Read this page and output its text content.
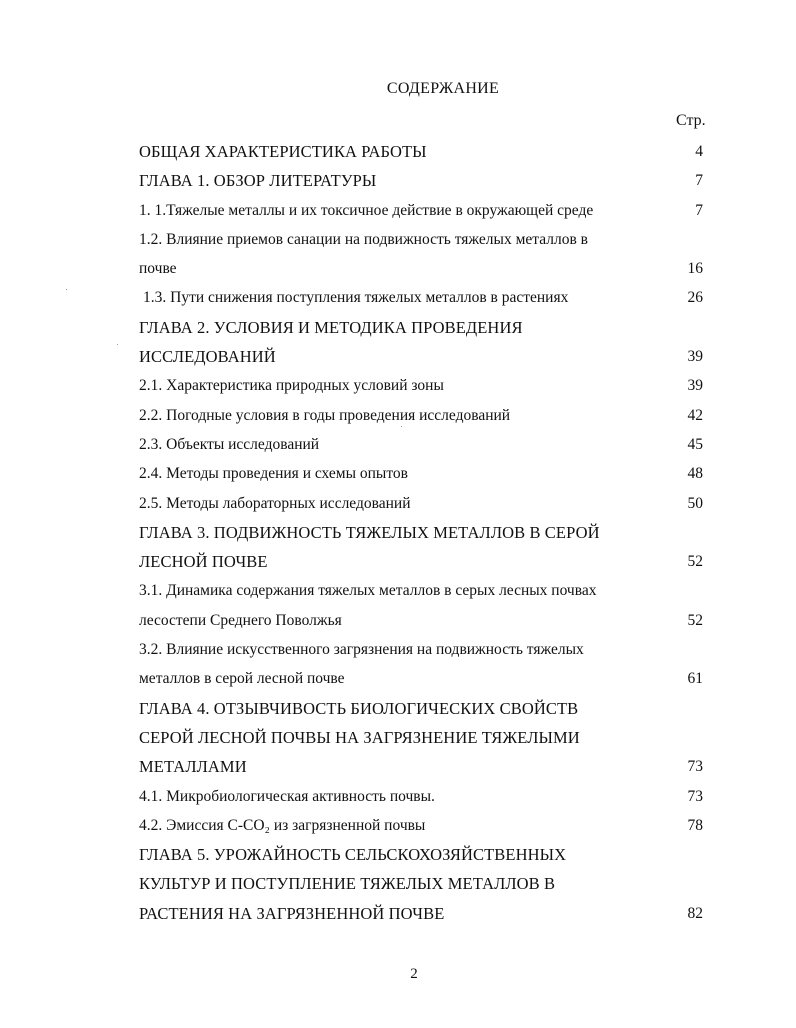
СОДЕРЖАНИЕ
Стр.
ОБЩАЯ ХАРАКТЕРИСТИКА РАБОТЫ	4
ГЛАВА 1. ОБЗОР ЛИТЕРАТУРЫ	7
1. 1.Тяжелые металлы и их токсичное действие в окружающей среде	7
1.2. Влияние приемов санации на подвижность тяжелых металлов в
почве	16
1.3. Пути снижения поступления тяжелых металлов в растениях	26
ГЛАВА 2. УСЛОВИЯ И МЕТОДИКА ПРОВЕДЕНИЯ
ИССЛЕДОВАНИЙ	39
2.1. Характеристика природных условий зоны	39
2.2. Погодные условия в годы проведения исследований	42
2.3. Объекты исследований	45
2.4. Методы проведения и схемы опытов	48
2.5. Методы лабораторных исследований	50
ГЛАВА 3. ПОДВИЖНОСТЬ ТЯЖЕЛЫХ МЕТАЛЛОВ В СЕРОЙ
ЛЕСНОЙ ПОЧВЕ	52
3.1. Динамика содержания тяжелых металлов в серых лесных почвах
лесостепи Среднего Поволжья	52
3.2. Влияние искусственного загрязнения на подвижность тяжелых
металлов в серой лесной почве	61
ГЛАВА 4. ОТЗЫВЧИВОСТЬ БИОЛОГИЧЕСКИХ СВОЙСТВ
СЕРОЙ ЛЕСНОЙ ПОЧВЫ НА ЗАГРЯЗНЕНИЕ ТЯЖЕЛЫМИ
МЕТАЛЛАМИ	73
4.1. Микробиологическая активность почвы.	73
4.2. Эмиссия С-СО₂ из загрязненной почвы	78
ГЛАВА 5. УРОЖАЙНОСТЬ СЕЛЬСКОХОЗЯЙСТВЕННЫХ
КУЛЬТУР И ПОСТУПЛЕНИЕ ТЯЖЕЛЫХ МЕТАЛЛОВ В
РАСТЕНИЯ НА ЗАГРЯЗНЕННОЙ ПОЧВЕ	82
2
